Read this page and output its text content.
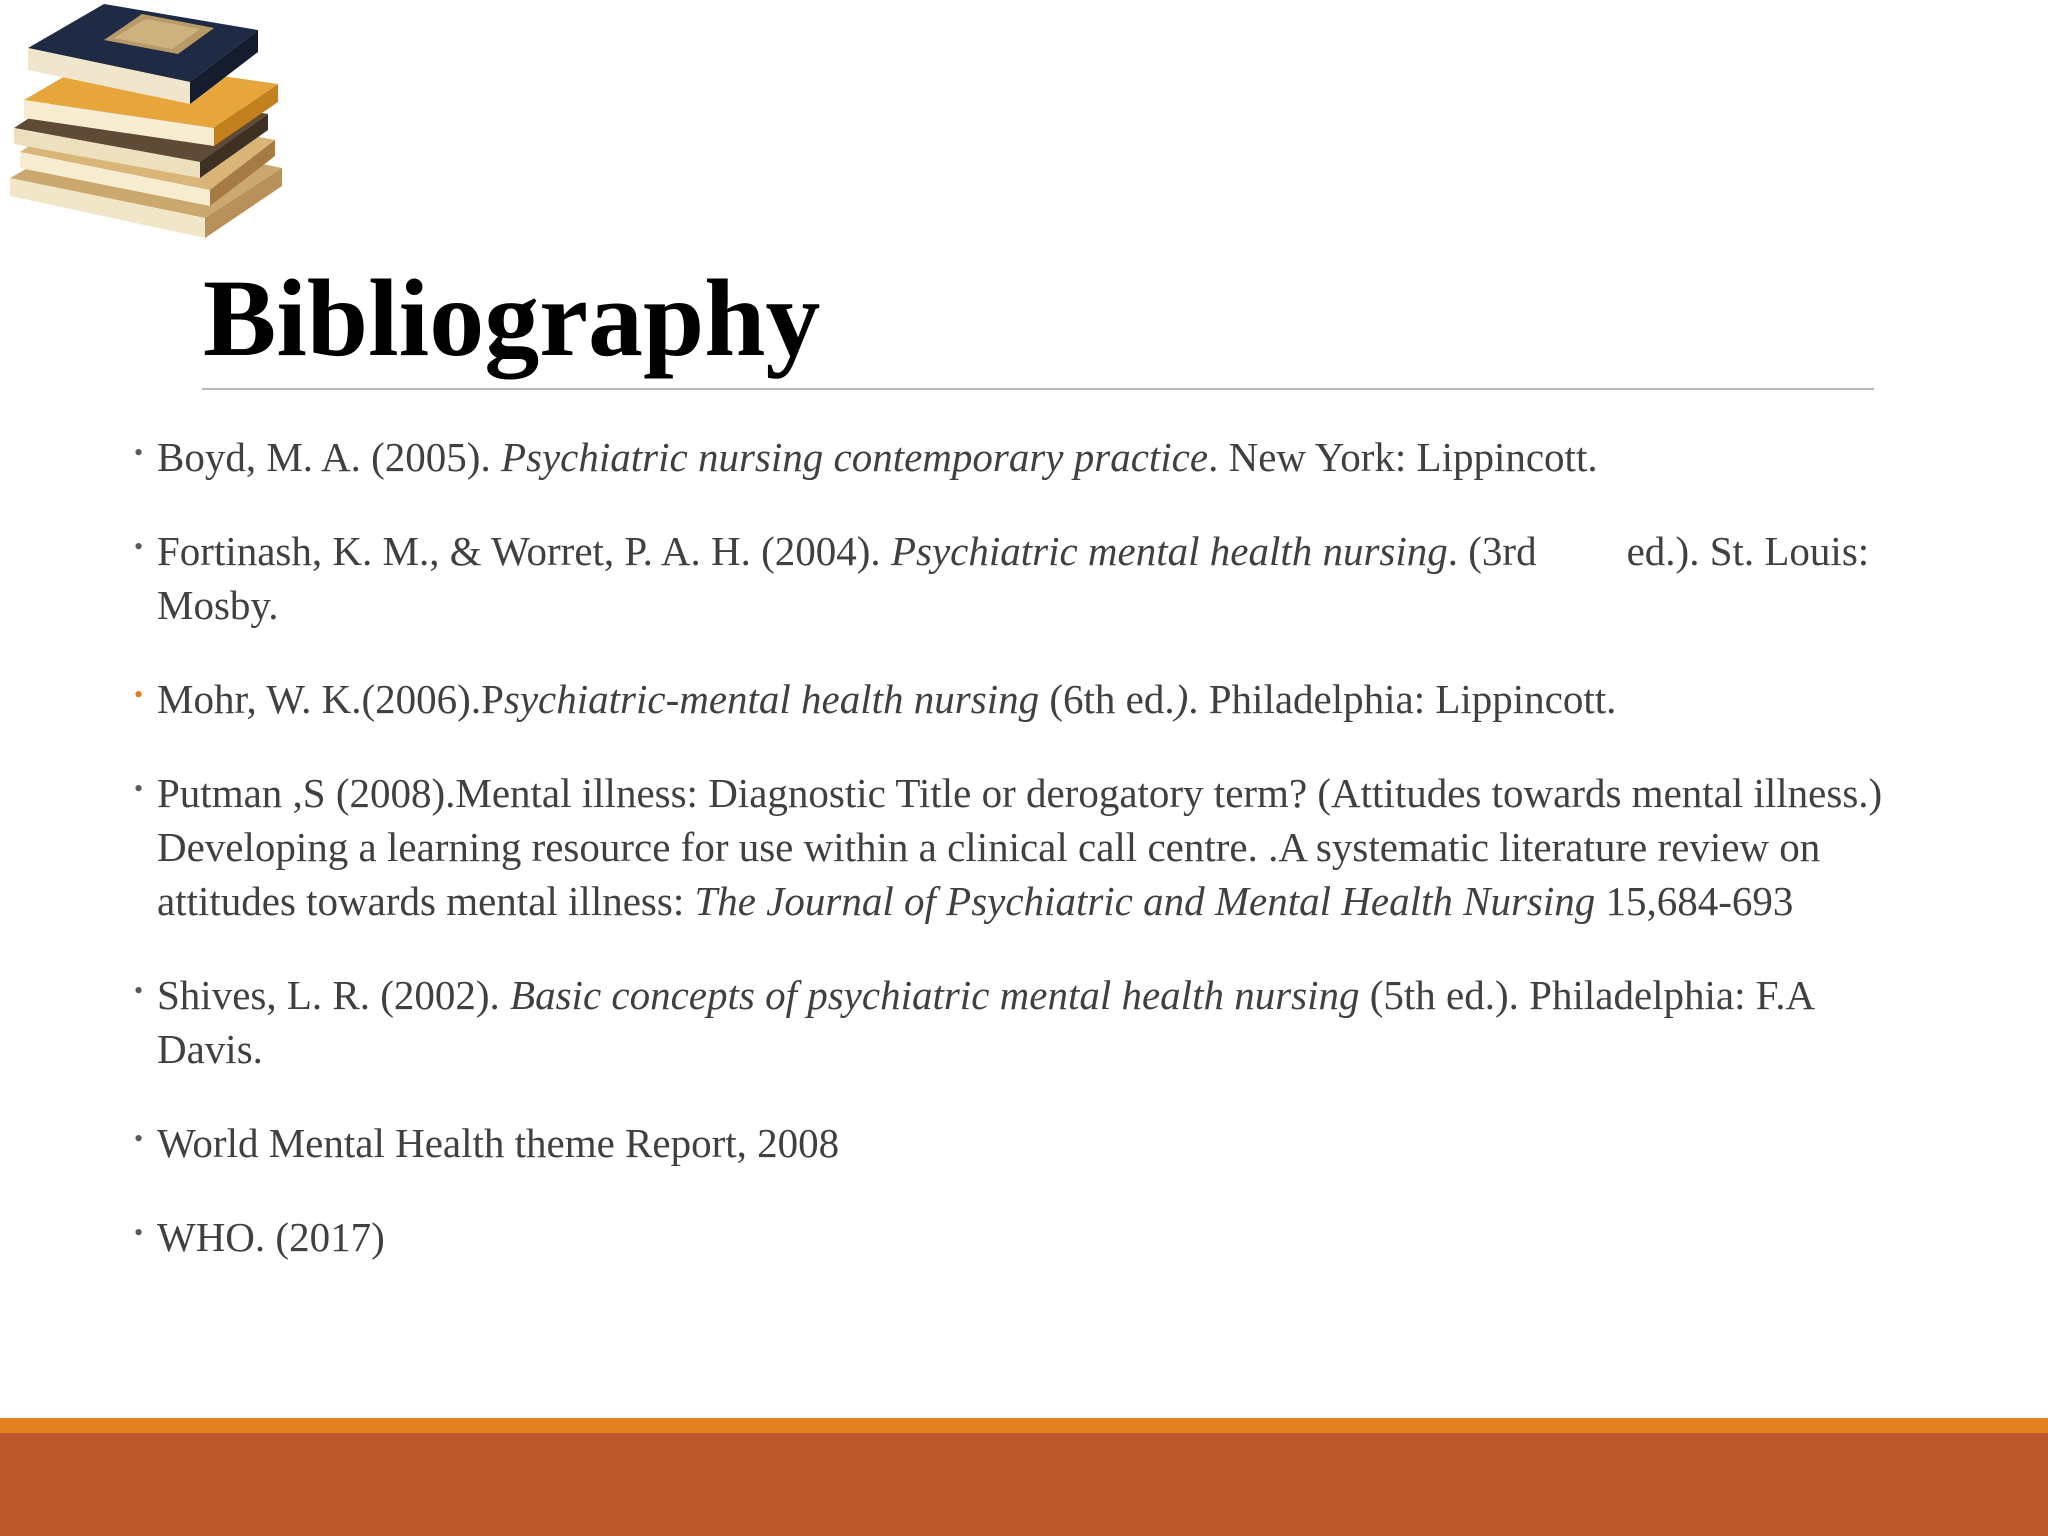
Bibliography
• Boyd, M. A. (2005). Psychiatric nursing contemporary practice. New York: Lippincott.
• Fortinash, K. M., & Worret, P. A. H. (2004). Psychiatric mental health nursing. (3rd ed.). St. Louis: Mosby.
• Mohr, W. K.(2006).Psychiatric-mental health nursing (6th ed.). Philadelphia: Lippincott.
• Putman ,S (2008).Mental illness: Diagnostic Title or derogatory term? (Attitudes towards mental illness.) Developing a learning resource for use within a clinical call centre. .A systematic literature review on attitudes towards mental illness: The Journal of Psychiatric and Mental Health Nursing 15,684-693
• Shives, L. R. (2002). Basic concepts of psychiatric mental health nursing (5th ed.). Philadelphia: F.A Davis.
• World Mental Health theme Report, 2008
• WHO. (2017)
